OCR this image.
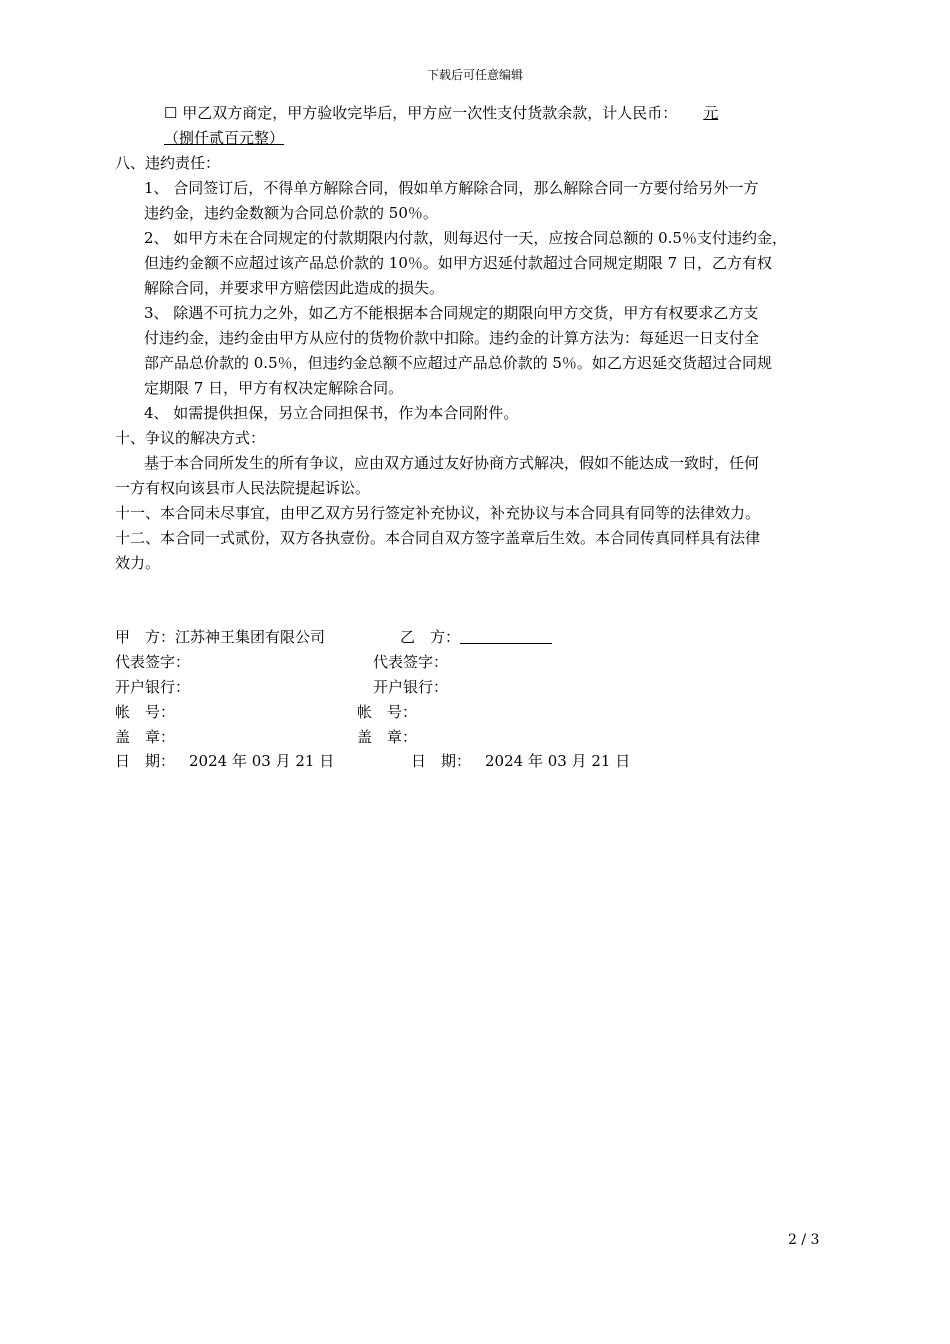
下载后可任意编辑
☐ 甲乙双方商定，甲方验收完毕后，甲方应一次性支付货款余款，计人民币： 元
（捌仟贰百元整）
八、违约责任：
1、 合同签订后，不得单方解除合同，假如单方解除合同，那么解除合同一方要付给另外一方
违约金，违约金数额为合同总价款的 50％。
2、 如甲方未在合同规定的付款期限内付款，则每迟付一天，应按合同总额的 0.5％支付违约金，
但违约金额不应超过该产品总价款的 10％。如甲方迟延付款超过合同规定期限 7 日，乙方有权
解除合同，并要求甲方赔偿因此造成的损失。
3、 除遇不可抗力之外，如乙方不能根据本合同规定的期限向甲方交货，甲方有权要求乙方支
付违约金，违约金由甲方从应付的货物价款中扣除。违约金的计算方法为：每延迟一日支付全
部产品总价款的 0.5％，但违约金总额不应超过产品总价款的 5％。如乙方迟延交货超过合同规
定期限 7 日，甲方有权决定解除合同。
4、 如需提供担保，另立合同担保书，作为本合同附件。
十、争议的解决方式：
基于本合同所发生的所有争议，应由双方通过友好协商方式解决，假如不能达成一致时，任何
一方有权向该县市人民法院提起诉讼。
十一、本合同未尽事宜，由甲乙双方另行签定补充协议，补充协议与本合同具有同等的法律效力。
十二、本合同一式贰份，双方各执壹份。本合同自双方签字盖章后生效。本合同传真同样具有法律
效力。
甲　方：江苏神王集团有限公司	乙　方：
代表签字：	代表签字：
开户银行：	开户银行：
帐　号：	帐　号：
盖　章：	盖　章：
日　期： 2024 年 03 月 21 日	日　期： 2024 年 03 月 21 日
2 / 3
